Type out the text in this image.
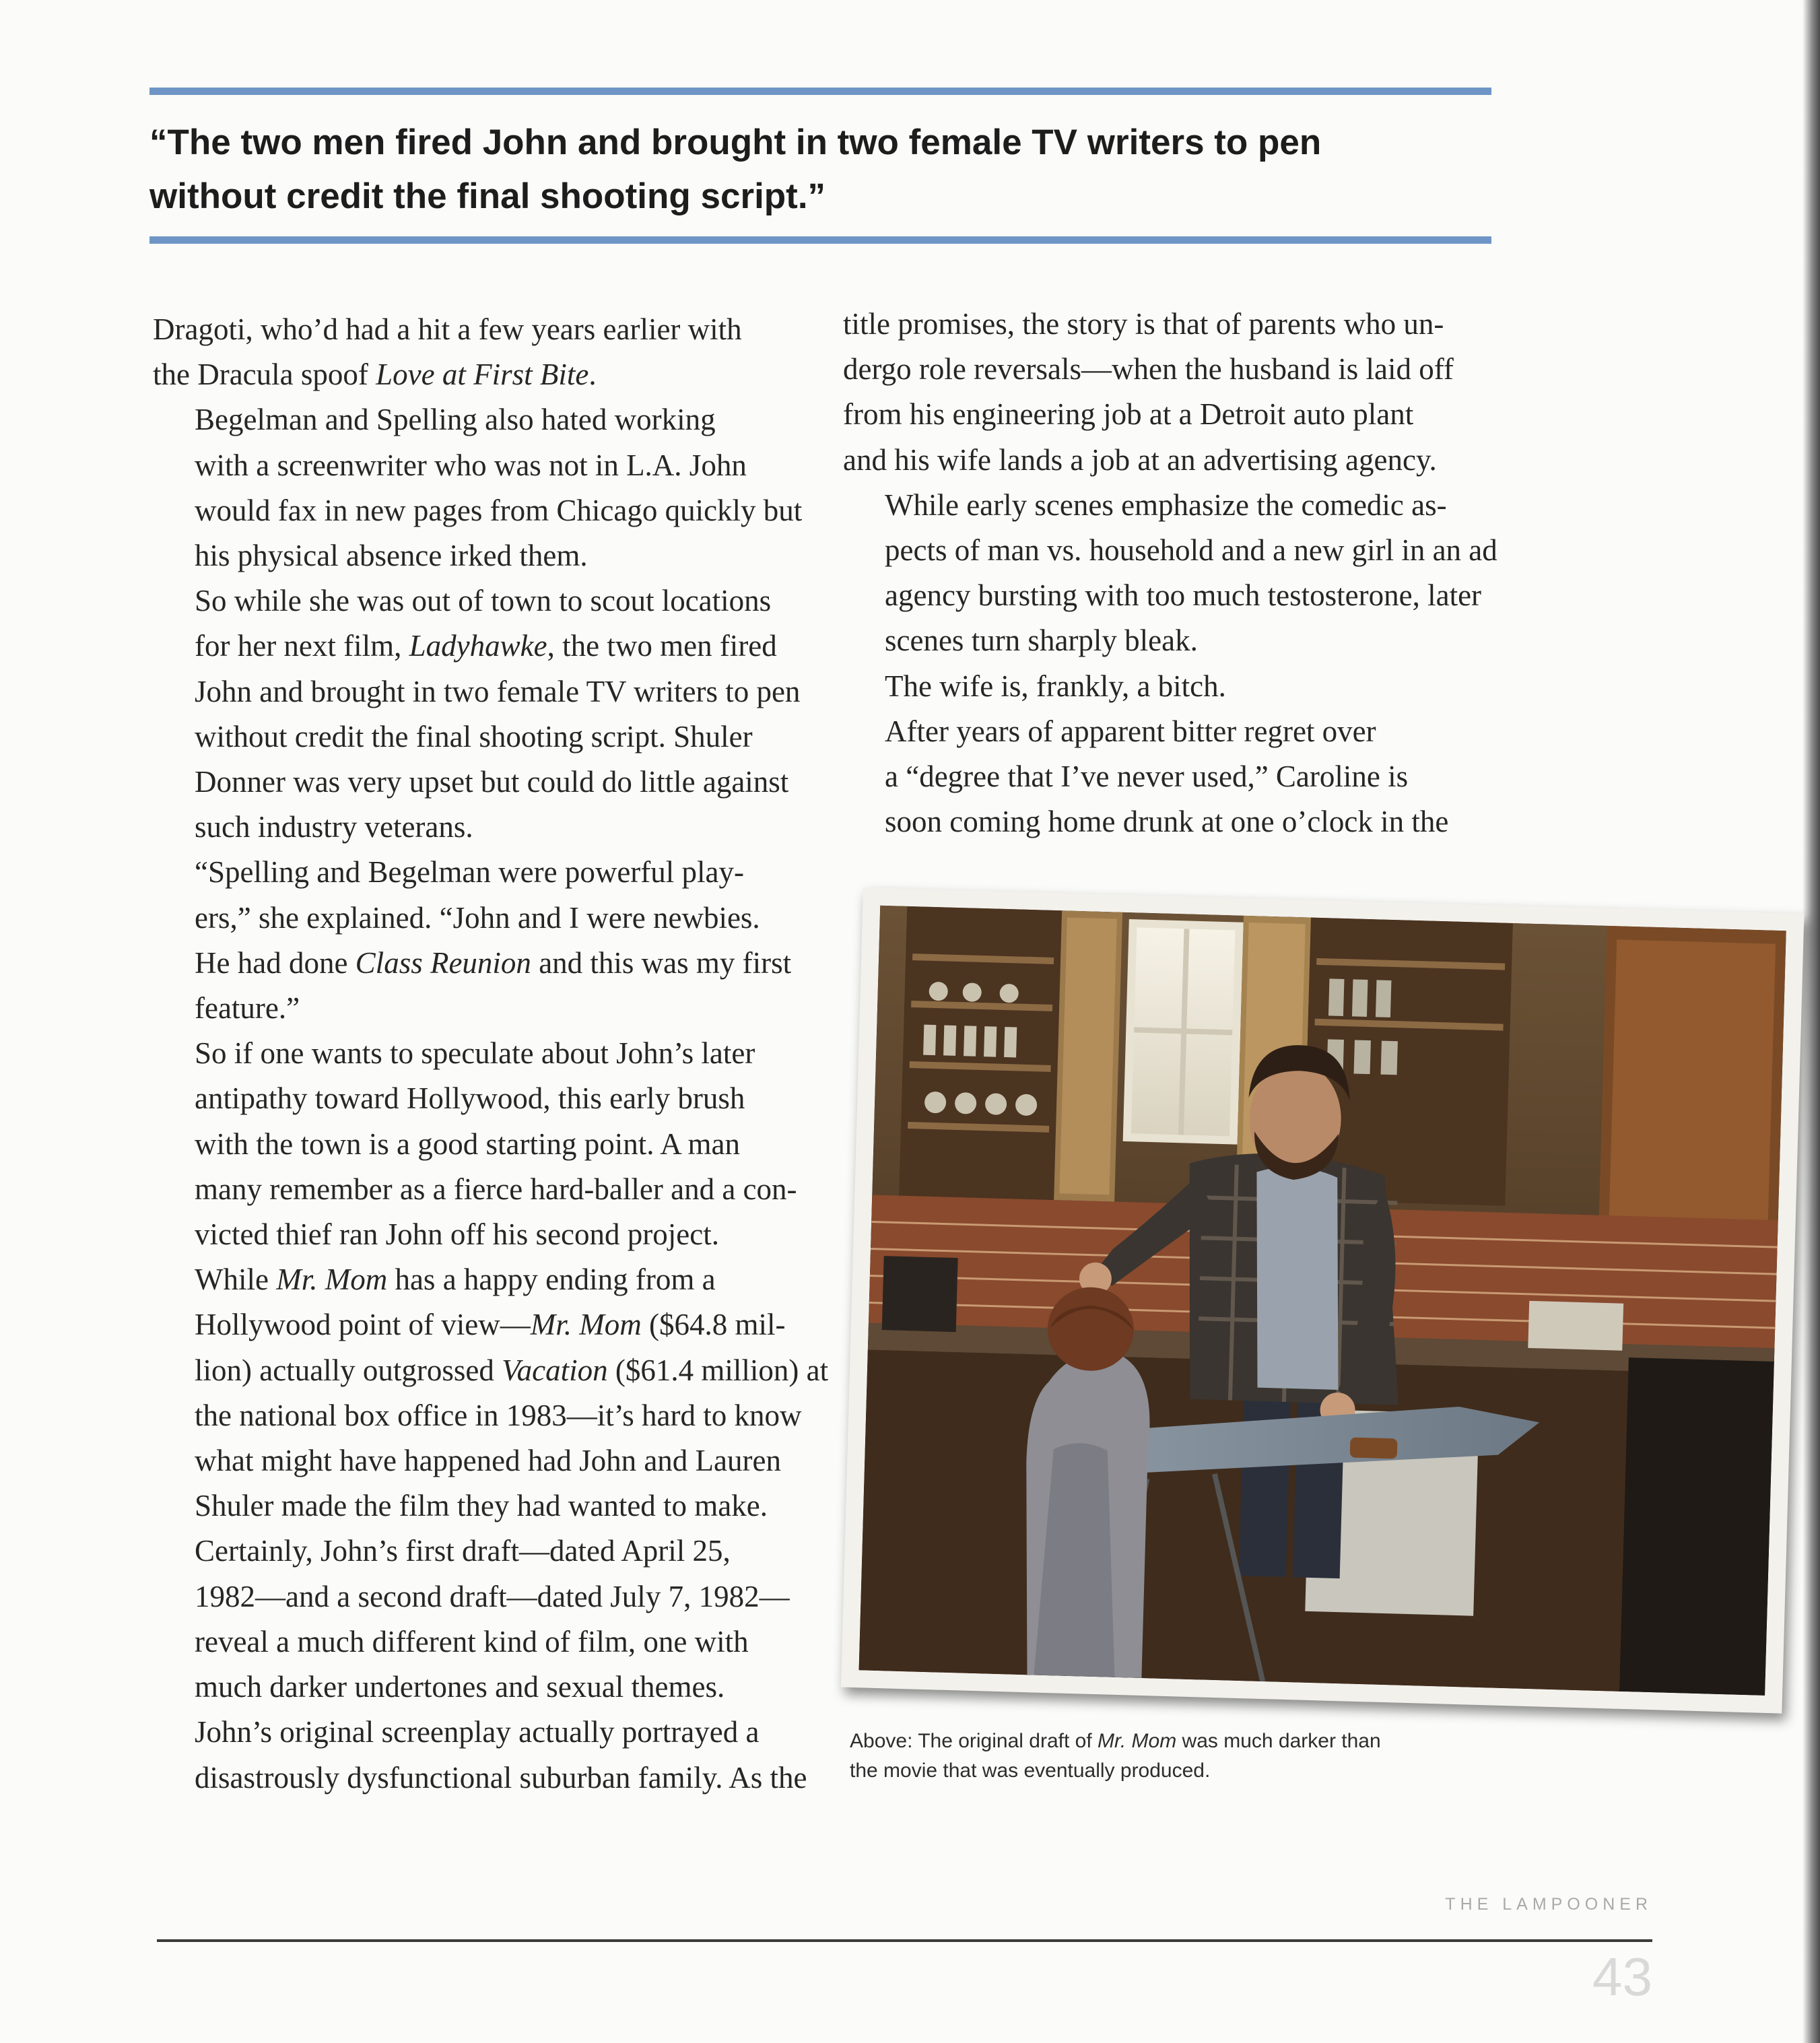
“The two men fired John and brought in two female TV writers to pen
without credit the final shooting script.”

Dragoti, who’d had a hit a few years earlier with
the Dracula spoof Love at First Bite.

Begelman and Spelling also hated working
with a screenwriter who was not in L.A. John
would fax in new pages from Chicago quickly but
his physical absence irked them.

So while she was out of town to scout locations
for her next film, Ladyhawke, the two men fired
John and brought in two female TV writers to pen
without credit the final shooting script. Shuler
Donner was very upset but could do little against
such industry veterans.

“Spelling and Begelman were powerful play-
ers,” she explained. “John and I were newbies.
He had done Class Reunion and this was my first
feature.”

So if one wants to speculate about John’s later
antipathy toward Hollywood, this early brush
with the town is a good starting point. A man
many remember as a fierce hard-baller and a con-
victed thief ran John off his second project.

While Mr. Mom has a happy ending from a
Hollywood point of view—Mr. Mom ($64.8 mil-
lion) actually outgrossed Vacation ($61.4 million) at
the national box office in 1983—it’s hard to know
what might have happened had John and Lauren
Shuler made the film they had wanted to make.

Certainly, John’s first draft—dated April 25,
1982—and a second draft—dated July 7, 1982—
reveal a much different kind of film, one with
much darker undertones and sexual themes.

John’s original screenplay actually portrayed a
disastrously dysfunctional suburban family. As the

title promises, the story is that of parents who un-
dergo role reversals—when the husband is laid off
from his engineering job at a Detroit auto plant
and his wife lands a job at an advertising agency.

While early scenes emphasize the comedic as-
pects of man vs. household and a new girl in an ad
agency bursting with too much testosterone, later
scenes turn sharply bleak.

The wife is, frankly, a bitch.

After years of apparent bitter regret over
a “degree that I’ve never used,” Caroline is
soon coming home drunk at one o’clock in the

Above: The original draft of Mr. Mom was much darker than
the movie that was eventually produced.

THE LAMPOONER
43
